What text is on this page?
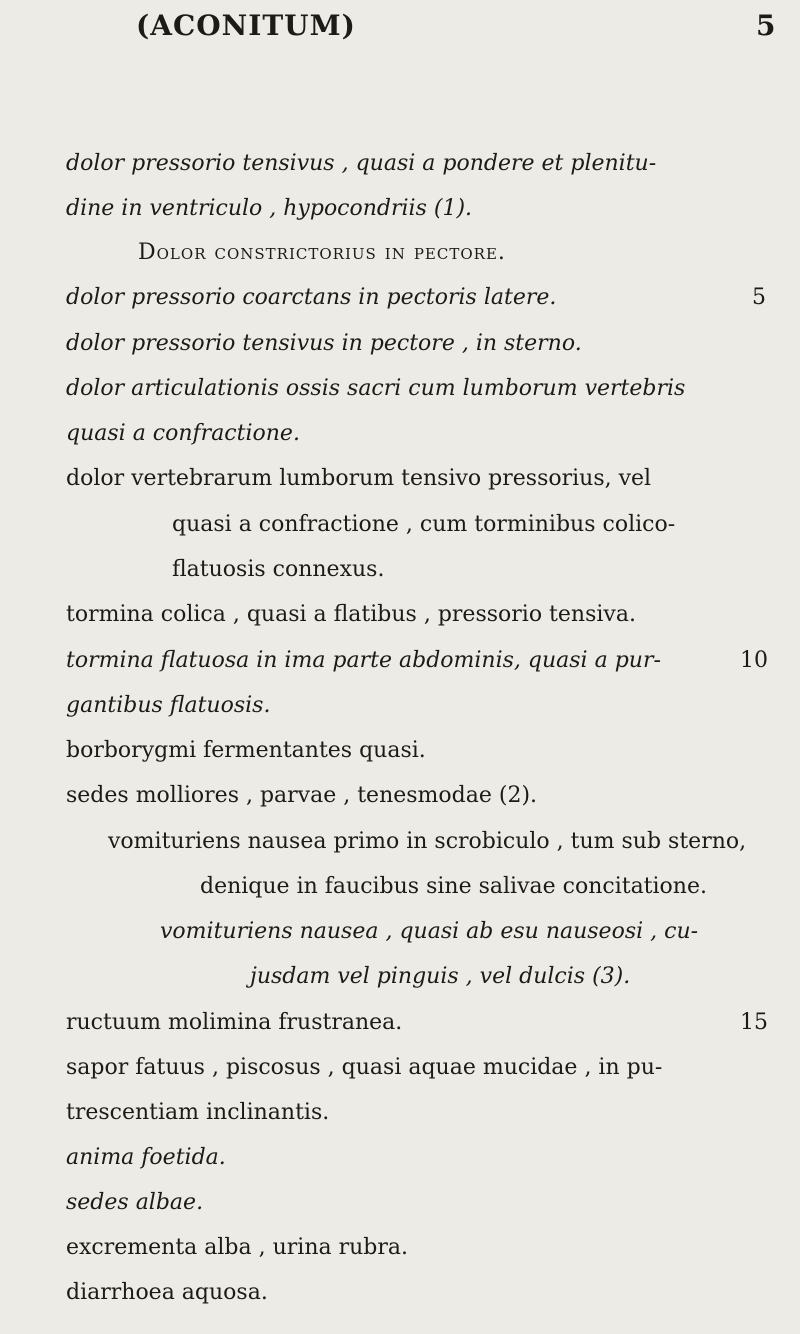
(ACONITUM)	5
dolor pressorio tensivus , quasi a pondere et plenitu-
dine in ventriculo , hypocondriis (1).
Dolor constrictorius in pectore.
dolor pressorio coarctans in pectoris latere.
dolor pressorio tensivus in pectore , in sterno.
dolor articulationis ossis sacri cum lumborum vertebris
quasi a confractione.
dolor vertebrarum lumborum tensivo pressorius, vel
quasi a confractione , cum torminibus colico-
flatuosis connexus.
tormina colica , quasi a flatibus , pressorio tensiva.
tormina flatuosa in ima parte abdominis, quasi a pur-
gantibus flatuosis.
borborygmi fermentantes quasi.
sedes molliores , parvae , tenesmodae (2).
vomituriens nausea primo in scrobiculo , tum sub sterno,
denique in faucibus sine salivae concitatione.
vomituriens nausea , quasi ab esu nauseosi , cu-
jusdam vel pinguis , vel dulcis (3).
ructuum molimina frustranea.
sapor fatuus , piscosus , quasi aquae mucidae , in pu-
trescentiam inclinantis.
anima foetida.
sedes albae.
excrementa alba , urina rubra.
diarrhoea aquosa.
5
10
15
